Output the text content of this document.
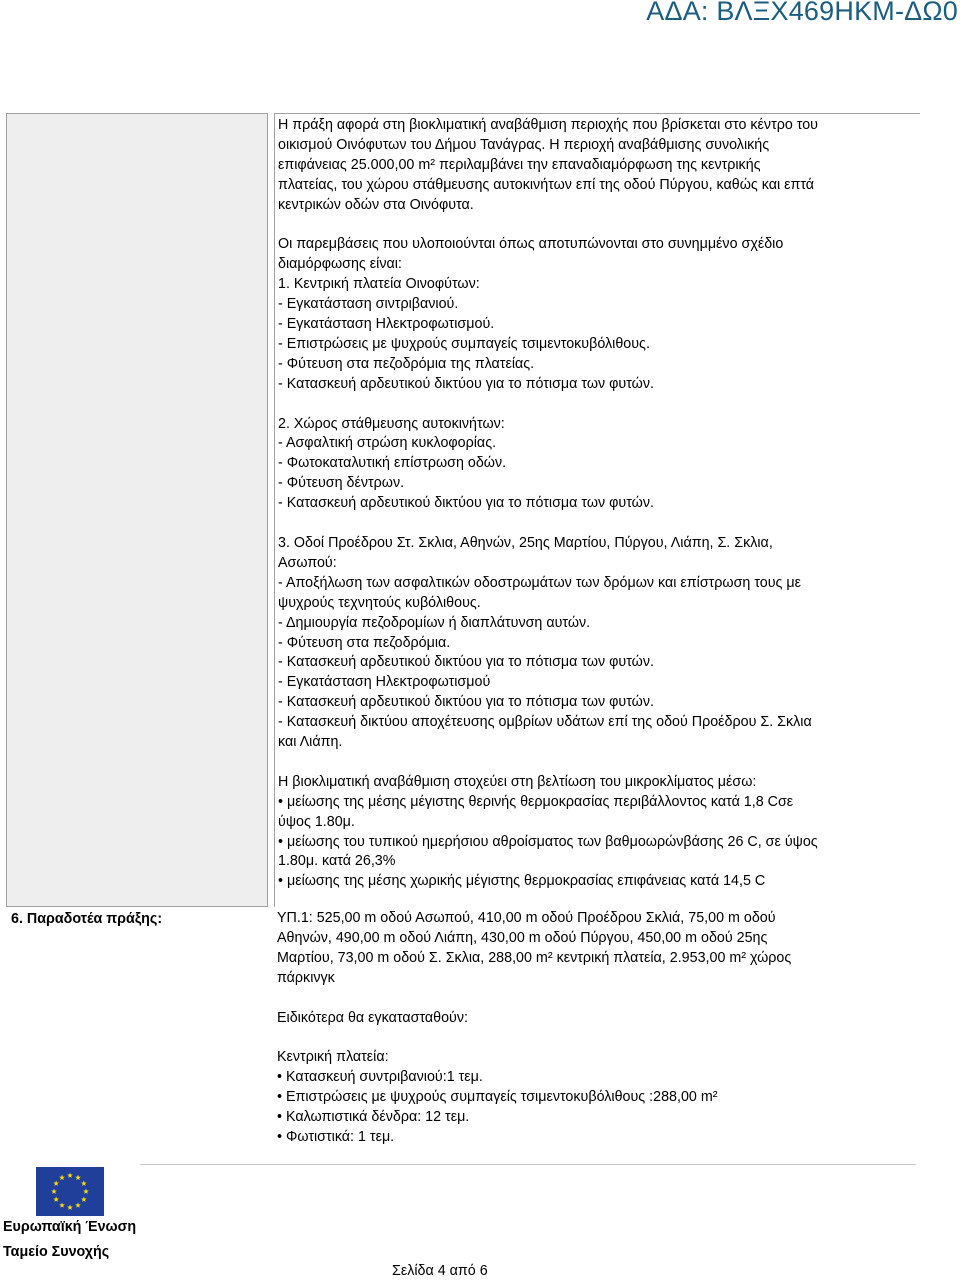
ΑΔΑ: ΒΛΞΧ469ΗΚΜ-ΔΩ0

Η πράξη αφορά στη βιοκλιματική αναβάθμιση περιοχής που βρίσκεται στο κέντρο του

οικισμού Οινόφυτων του Δήμου Τανάγρας. Η περιοχή αναβάθμισης συνολικής

επιφάνειας 25.000,00 m² περιλαμβάνει την επαναδιαμόρφωση της κεντρικής

πλατείας, του χώρου στάθμευσης αυτοκινήτων επί της οδού Πύργου, καθώς και επτά

κεντρικών οδών στα Οινόφυτα.

Οι παρεμβάσεις που υλοποιούνται όπως αποτυπώνονται στο συνημμένο σχέδιο

διαμόρφωσης είναι:

1. Κεντρική πλατεία Οινοφύτων:

- Εγκατάσταση σιντριβανιού.

- Εγκατάσταση Ηλεκτροφωτισμού.

- Επιστρώσεις με ψυχρούς συμπαγείς τσιμεντοκυβόλιθους.

- Φύτευση στα πεζοδρόμια της πλατείας.

- Κατασκευή αρδευτικού δικτύου για το πότισμα των φυτών.

2. Χώρος στάθμευσης αυτοκινήτων:

- Ασφαλτική στρώση κυκλοφορίας.

- Φωτοκαταλυτική επίστρωση οδών.

- Φύτευση δέντρων.

- Κατασκευή αρδευτικού δικτύου για το πότισμα των φυτών.

3. Οδοί Προέδρου Στ. Σκλια, Αθηνών, 25ης Μαρτίου, Πύργου, Λιάπη, Σ. Σκλια,

Ασωπού:

- Αποξήλωση των ασφαλτικών οδοστρωμάτων των δρόμων και επίστρωση τους με

ψυχρούς τεχνητούς κυβόλιθους.

- Δημιουργία πεζοδρομίων ή διαπλάτυνση αυτών.

- Φύτευση στα πεζοδρόμια.

- Κατασκευή αρδευτικού δικτύου για το πότισμα των φυτών.

- Εγκατάσταση Ηλεκτροφωτισμού

- Κατασκευή αρδευτικού δικτύου για το πότισμα των φυτών.

- Κατασκευή δικτύου αποχέτευσης ομβρίων υδάτων επί της οδού Προέδρου Σ. Σκλια

και Λιάπη.

Η βιοκλιματική αναβάθμιση στοχεύει στη βελτίωση του μικροκλίματος μέσω:

• μείωσης της μέσης μέγιστης θερινής θερμοκρασίας περιβάλλοντος κατά 1,8 Cσε

ύψος 1.80μ.

• μείωσης του τυπικού ημερήσιου αθροίσματος των βαθμοωρώνβάσης 26 C, σε ύψος

1.80μ. κατά 26,3%

• μείωσης της μέσης χωρικής μέγιστης θερμοκρασίας επιφάνειας κατά 14,5 C

6. Παραδοτέα πράξης:	ΥΠ.1: 525,00 m οδού Ασωπού, 410,00 m οδού Προέδρου Σκλιά, 75,00 m οδού

Αθηνών, 490,00 m οδού Λιάπη, 430,00 m οδού Πύργου, 450,00 m οδού 25ης

Μαρτίου, 73,00 m οδού Σ. Σκλια, 288,00 m² κεντρική πλατεία, 2.953,00 m² χώρος

πάρκινγκ

Ειδικότερα θα εγκατασταθούν:

Κεντρική πλατεία:

• Κατασκευή συντριβανιού:1 τεμ.

• Επιστρώσεις με ψυχρούς συμπαγείς τσιμεντοκυβόλιθους :288,00 m²

• Καλωπιστικά δένδρα: 12 τεμ.

• Φωτιστικά: 1 τεμ.

Ευρωπαϊκή Ένωση
Ταμείο Συνοχής
Σελίδα 4 από 6
